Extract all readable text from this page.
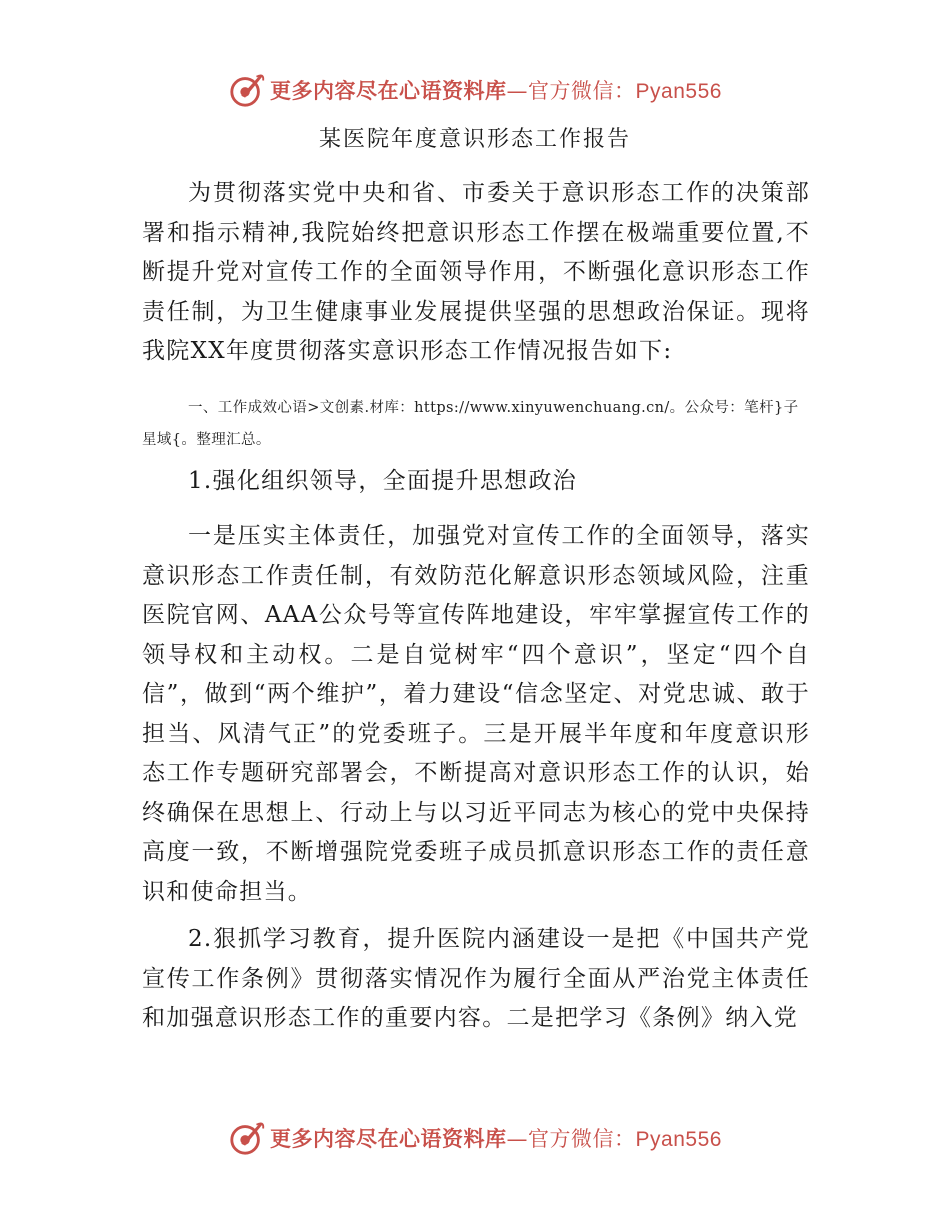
更多内容尽在心语资料库—官方微信：Pyan556
某医院年度意识形态工作报告

为贯彻落实党中央和省、市委关于意识形态工作的决策部署和指示精神,我院始终把意识形态工作摆在极端重要位置,不断提升党对宣传工作的全面领导作用，不断强化意识形态工作责任制，为卫生健康事业发展提供坚强的思想政治保证。现将我院XX年度贯彻落实意识形态工作情况报告如下:

一、工作成效心语>文创素.材库：https://www.xinyuwenchuang.cn/。公众号：笔杆}子星域{。整理汇总。

1.强化组织领导，全面提升思想政治

一是压实主体责任，加强党对宣传工作的全面领导，落实意识形态工作责任制，有效防范化解意识形态领域风险，注重医院官网、AAA公众号等宣传阵地建设，牢牢掌握宣传工作的领导权和主动权。二是自觉树牢“四个意识”，坚定“四个自信”，做到“两个维护”，着力建设“信念坚定、对党忠诚、敢于担当、风清气正”的党委班子。三是开展半年度和年度意识形态工作专题研究部署会，不断提高对意识形态工作的认识，始终确保在思想上、行动上与以习近平同志为核心的党中央保持高度一致，不断增强院党委班子成员抓意识形态工作的责任意识和使命担当。

2.狠抓学习教育，提升医院内涵建设一是把《中国共产党宣传工作条例》贯彻落实情况作为履行全面从严治党主体责任和加强意识形态工作的重要内容。二是把学习《条例》纳入党

更多内容尽在心语资料库—官方微信：Pyan556
